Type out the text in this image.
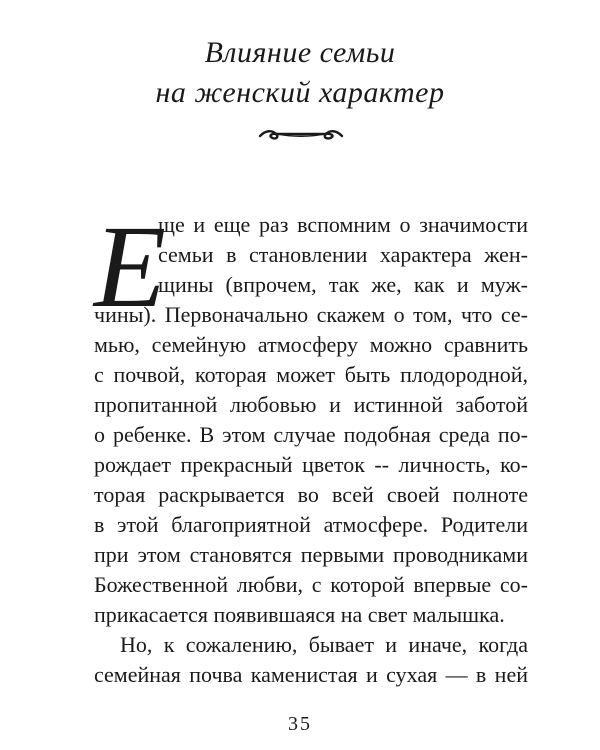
Влияние семьи
на женский характер
Е
ще и еще раз вспомним о значимости
семьи в становлении характера жен-
щины (впрочем, так же, как и муж-
чины). Первоначально скажем о том, что се-
мью, семейную атмосферу можно сравнить
с почвой, которая может быть плодородной,
пропитанной любовью и истинной заботой
о ребенке. В этом случае подобная среда по-
рождает прекрасный цветок -- личность, ко-
торая раскрывается во всей своей полноте
в этой благоприятной атмосфере. Родители
при этом становятся первыми проводниками
Божественной любви, с которой впервые со-
прикасается появившаяся на свет малышка.
Но, к сожалению, бывает и иначе, когда
семейная почва каменистая и сухая — в ней
35
